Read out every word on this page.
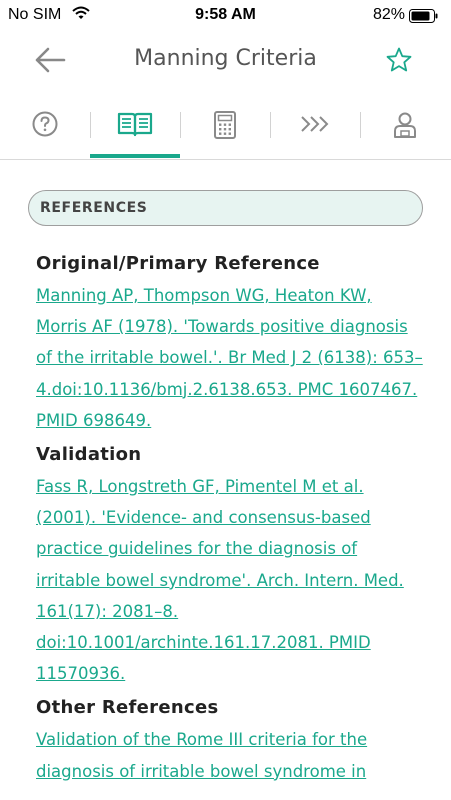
No SIM	9:58 AM	82%
Manning Criteria
REFERENCES
Original/Primary Reference
Manning AP, Thompson WG, Heaton KW, Morris AF (1978). 'Towards positive diagnosis of the irritable bowel.'. Br Med J 2 (6138): 653–4.doi:10.1136/bmj.2.6138.653. PMC 1607467. PMID 698649.
Validation
Fass R, Longstreth GF, Pimentel M et al. (2001). 'Evidence- and consensus-based practice guidelines for the diagnosis of irritable bowel syndrome'. Arch. Intern. Med. 161(17): 2081–8. doi:10.1001/archinte.161.17.2081. PMID 11570936.
Other References
Validation of the Rome III criteria for the diagnosis of irritable bowel syndrome in
